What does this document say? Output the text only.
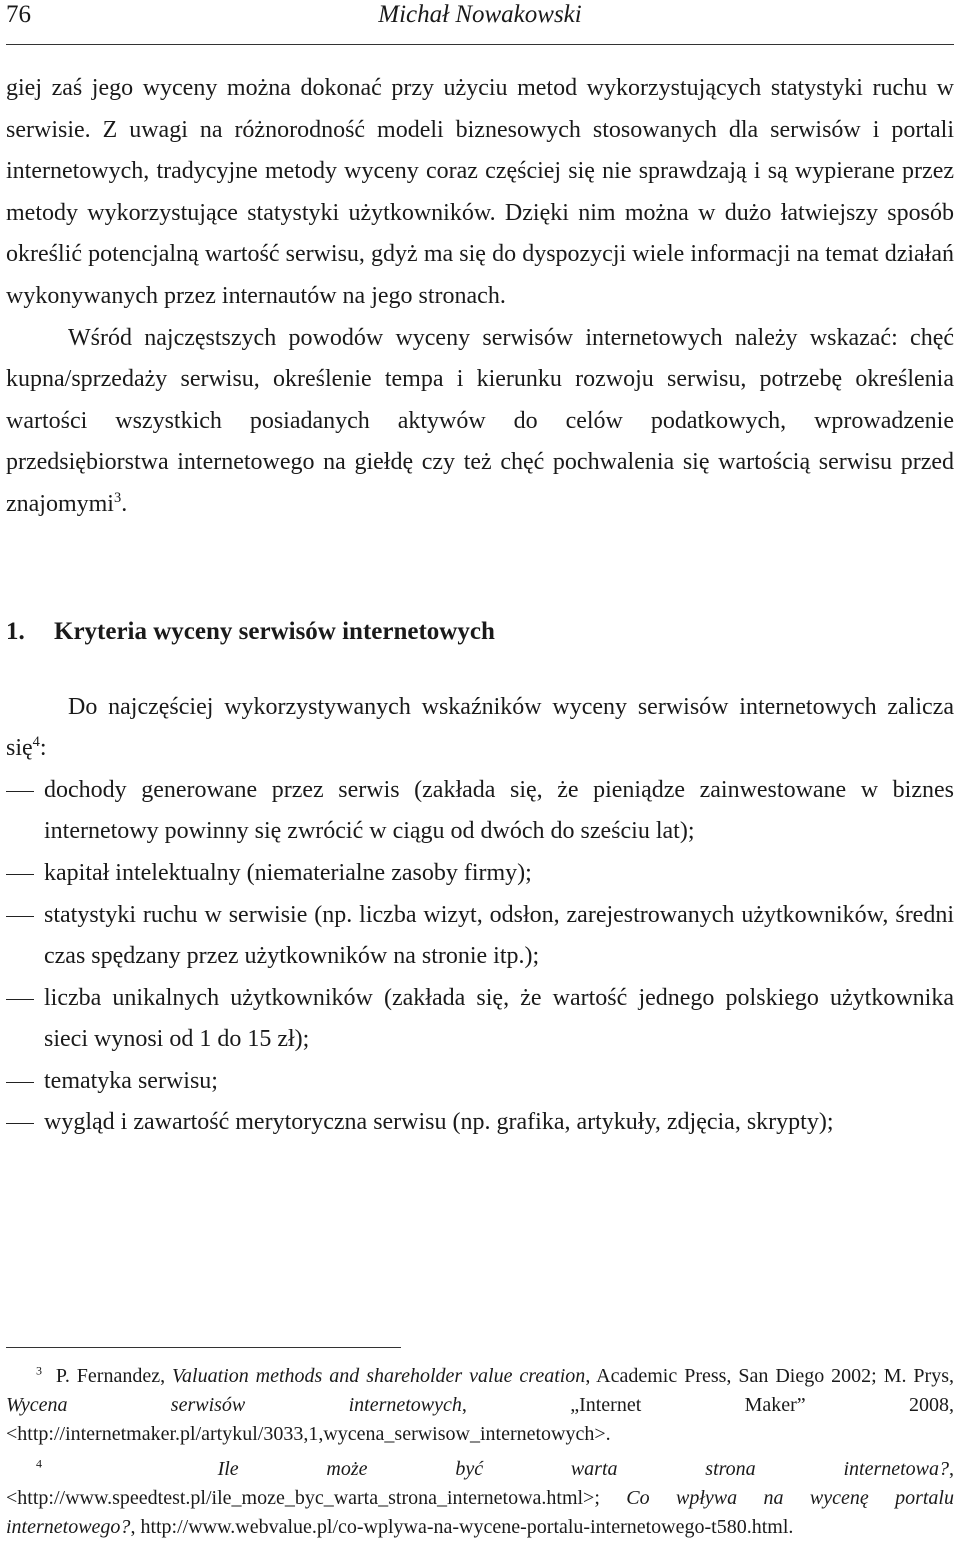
76	Michał Nowakowski

giej zaś jego wyceny można dokonać przy użyciu metod wykorzystujących statystyki ruchu w serwisie. Z uwagi na różnorodność modeli biznesowych stosowanych dla serwisów i portali internetowych, tradycyjne metody wyceny coraz częściej się nie sprawdzają i są wypierane przez metody wykorzystujące statystyki użytkowników. Dzięki nim można w dużo łatwiejszy sposób określić potencjalną wartość serwisu, gdyż ma się do dyspozycji wiele informacji na temat działań wykonywanych przez internautów na jego stronach.

Wśród najczęstszych powodów wyceny serwisów internetowych należy wskazać: chęć kupna/sprzedaży serwisu, określenie tempa i kierunku rozwoju serwisu, potrzebę określenia wartości wszystkich posiadanych aktywów do celów podatkowych, wprowadzenie przedsiębiorstwa internetowego na giełdę czy też chęć pochwalenia się wartością serwisu przed znajomymi$^3$.

1. Kryteria wyceny serwisów internetowych

Do najczęściej wykorzystywanych wskaźników wyceny serwisów internetowych zalicza się$^4$:

dochody generowane przez serwis (zakłada się, że pieniądze zainwestowane w biznes internetowy powinny się zwrócić w ciągu od dwóch do sześciu lat);
kapitał intelektualny (niematerialne zasoby firmy);
statystyki ruchu w serwisie (np. liczba wizyt, odsłon, zarejestrowanych użytkowników, średni czas spędzany przez użytkowników na stronie itp.);
liczba unikalnych użytkowników (zakłada się, że wartość jednego polskiego użytkownika sieci wynosi od 1 do 15 zł);
tematyka serwisu;
wygląd i zawartość merytoryczna serwisu (np. grafika, artykuły, zdjęcia, skrypty);

$^3$ P. Fernandez, Valuation methods and shareholder value creation, Academic Press, San Diego 2002; M. Prys, Wycena serwisów internetowych, „Internet Maker” 2008, <http://internetmaker.pl/artykul/3033,1,wycena_serwisow_internetowych>.

$^4$	Ile może być warta strona internetowa?, <http://www.speedtest.pl/ile_moze_byc_warta_strona_internetowa.html>; Co wpływa na wycenę portalu internetowego?, http://www.webvalue.pl/co-wplywa-na-wycene-portalu-internetowego-t580.html.
